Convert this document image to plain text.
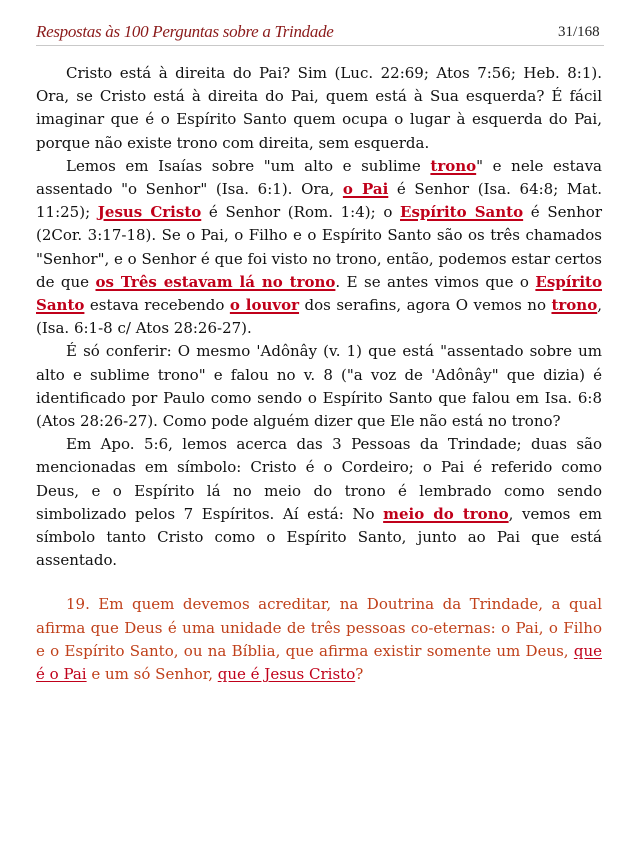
Respostas às 100 Perguntas sobre a Trindade	31/168

Cristo está à direita do Pai? Sim (Luc. 22:69; Atos 7:56; Heb. 8:1). Ora, se Cristo está à direita do Pai, quem está à Sua esquerda? É fácil imaginar que é o Espírito Santo quem ocupa o lugar à esquerda do Pai, porque não existe trono com direita, sem esquerda.

Lemos em Isaías sobre "um alto e sublime trono" e nele estava assentado "o Senhor" (Isa. 6:1). Ora, o Pai é Senhor (Isa. 64:8; Mat. 11:25); Jesus Cristo é Senhor (Rom. 1:4); o Espírito Santo é Senhor (2Cor. 3:17-18). Se o Pai, o Filho e o Espírito Santo são os três chamados "Senhor", e o Senhor é que foi visto no trono, então, podemos estar certos de que os Três estavam lá no trono. E se antes vimos que o Espírito Santo estava recebendo o louvor dos serafins, agora O vemos no trono, (Isa. 6:1-8 c/ Atos 28:26-27).

É só conferir: O mesmo 'Adônây (v. 1) que está "assentado sobre um alto e sublime trono" e falou no v. 8 ("a voz de 'Adônây" que dizia) é identificado por Paulo como sendo o Espírito Santo que falou em Isa. 6:8 (Atos 28:26-27). Como pode alguém dizer que Ele não está no trono?

Em Apo. 5:6, lemos acerca das 3 Pessoas da Trindade; duas são mencionadas em símbolo: Cristo é o Cordeiro; o Pai é referido como Deus, e o Espírito lá no meio do trono é lembrado como sendo simbolizado pelos 7 Espíritos. Aí está: No meio do trono, vemos em símbolo tanto Cristo como o Espírito Santo, junto ao Pai que está assentado.

19. Em quem devemos acreditar, na Doutrina da Trindade, a qual afirma que Deus é uma unidade de três pessoas co-eternas: o Pai, o Filho e o Espírito Santo, ou na Bíblia, que afirma existir somente um Deus, que é o Pai e um só Senhor, que é Jesus Cristo?
